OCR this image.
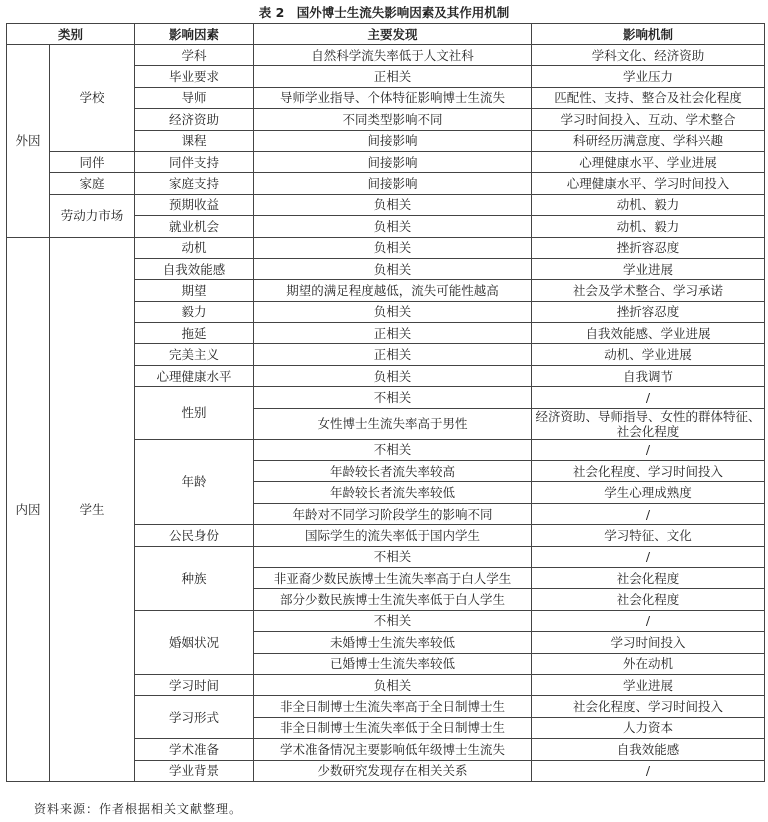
表 2　国外博士生流失影响因素及其作用机制
类别		影响因素	主要发现	影响机制
外因	学校	学科	自然科学流失率低于人文社科	学科文化、经济资助
		毕业要求	正相关	学业压力
		导师	导师学业指导、个体特征影响博士生流失	匹配性、支持、整合及社会化程度
		经济资助	不同类型影响不同	学习时间投入、互动、学术整合
		课程	间接影响	科研经历满意度、学科兴趣
	同伴	同伴支持	间接影响	心理健康水平、学业进展
	家庭	家庭支持	间接影响	心理健康水平、学习时间投入
	劳动力市场	预期收益	负相关	动机、毅力
		就业机会	负相关	动机、毅力
内因	学生	动机	负相关	挫折容忍度
		自我效能感	负相关	学业进展
		期望	期望的满足程度越低，流失可能性越高	社会及学术整合、学习承诺
		毅力	负相关	挫折容忍度
		拖延	正相关	自我效能感、学业进展
		完美主义	正相关	动机、学业进展
		心理健康水平	负相关	自我调节
		性别	不相关	/
			女性博士生流失率高于男性	经济资助、导师指导、女性的群体特征、社会化程度
		年龄	不相关	/
			年龄较长者流失率较高	社会化程度、学习时间投入
			年龄较长者流失率较低	学生心理成熟度
			年龄对不同学习阶段学生的影响不同	/
		公民身份	国际学生的流失率低于国内学生	学习特征、文化
		种族	不相关	/
			非亚裔少数民族博士生流失率高于白人学生	社会化程度
			部分少数民族博士生流失率低于白人学生	社会化程度
		婚姻状况	不相关	/
			未婚博士生流失率较低	学习时间投入
			已婚博士生流失率较低	外在动机
		学习时间	负相关	学业进展
		学习形式	非全日制博士生流失率高于全日制博士生	社会化程度、学习时间投入
			非全日制博士生流失率低于全日制博士生	人力资本
		学术准备	学术准备情况主要影响低年级博士生流失	自我效能感
		学业背景	少数研究发现存在相关关系	/
资料来源：作者根据相关文献整理。
